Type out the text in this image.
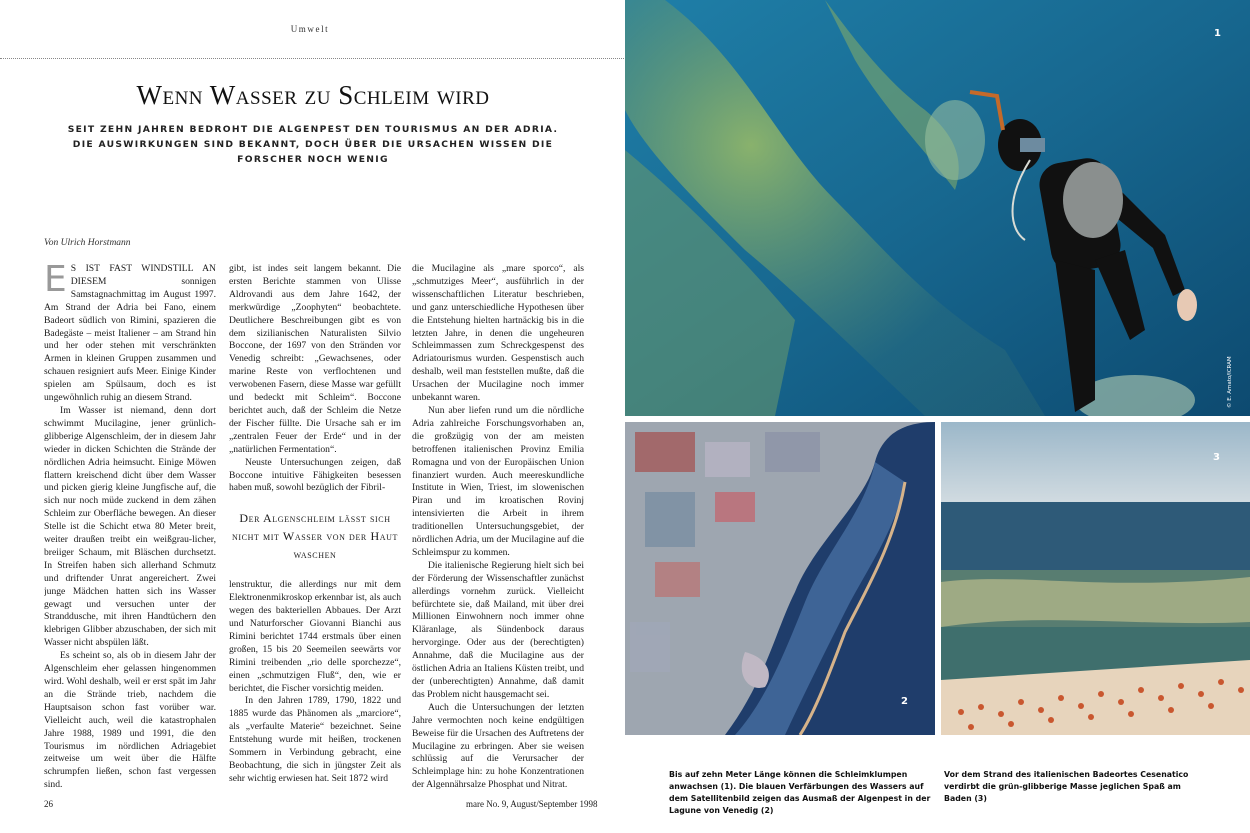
Umwelt
Wenn Wasser zu Schleim wird
SEIT ZEHN JAHREN BEDROHT DIE ALGENPEST DEN TOURISMUS AN DER ADRIA. DIE AUSWIRKUNGEN SIND BEKANNT, DOCH ÜBER DIE URSACHEN WISSEN DIE FORSCHER NOCH WENIG
Von Ulrich Horstmann

ES IST FAST WINDSTILL AN DIESEM	sonnigen Samstagnachmittag im August 1997. Am Strand der Adria bei Fano, einem Badeort südlich von Rimini, spazieren die Badegäste – meist Italiener – am Strand hin und her oder stehen mit verschränkten Armen in kleinen Gruppen zusammen und schauen resigniert aufs Meer. Einige Kinder spielen am Spülsaum, doch es ist ungewöhnlich ruhig an diesem Strand.

Im Wasser ist niemand, denn dort schwimmt Mucilagine, jener grünlich-glibberige Algenschleim, der in diesem Jahr wieder in dicken Schichten die Strände der nördlichen Adria heimsucht. Einige Möwen flattern kreischend dicht über dem Wasser und picken gierig kleine Jungfische auf, die sich nur noch müde zuckend in dem zähen Schleim zur Oberfläche bewegen. An dieser Stelle ist die Schicht etwa 80 Meter breit, weiter draußen treibt ein weißgrau-licher, breiiger Schaum, mit Bläschen durchsetzt. In Streifen haben sich allerhand Schmutz und driftender Unrat angereichert. Zwei junge Mädchen hatten sich ins Wasser gewagt und versuchen unter der Stranddusche, mit ihren Handtüchern den klebrigen Glibber abzuschaben, der sich mit Wasser nicht abspülen läßt.

Es scheint so, als ob in diesem Jahr der Algenschleim eher gelassen hingenommen wird. Wohl deshalb, weil er erst spät im Jahr an die Strände trieb, nachdem die Hauptsaison schon fast vorüber war. Vielleicht auch, weil die katastrophalen Jahre 1988, 1989 und 1991, die den Tourismus im nördlichen Adriagebiet zeitweise um weit über die Hälfte schrumpfen ließen, schon fast vergessen sind.

gibt, ist indes seit langem bekannt. Die ersten Berichte stammen von Ulisse Aldrovandi aus dem Jahre 1642, der merkwürdige „Zoophyten“ beobachtete. Deutlichere Beschreibungen gibt es von dem sizilianischen Naturalisten Silvio Boccone, der 1697 von den Stränden vor Venedig schreibt: „Gewachsenes, oder marine Reste von verflochtenen und verwobenen Fasern, diese Masse war gefüllt und bedeckt mit Schleim“. Boccone berichtet auch, daß der Schleim die Netze der Fischer füllte. Die Ursache sah er im „zentralen Feuer der Erde“ und in der „natürlichen Fermentation“.

Neuste Untersuchungen zeigen, daß Boccone intuitive Fähigkeiten besessen haben muß, sowohl bezüglich der Fibril-

Der Algenschleim lässt sich nicht mit Wasser von der Haut waschen

lenstruktur, die allerdings nur mit dem Elektronenmikroskop erkennbar ist, als auch wegen des bakteriellen Abbaues. Der Arzt und Naturforscher Giovanni Bianchi aus Rimini berichtet 1744 erstmals über einen großen, 15 bis 20 Seemeilen seewärts vor Rimini treibenden „rio delle sporchezze“, einen „schmutzigen Fluß“, den, wie er berichtet, die Fischer vorsichtig meiden.

In den Jahren 1789, 1790, 1822 und 1885 wurde das Phänomen als „marciore“, als „verfaulte Materie“ bezeichnet. Seine Entstehung wurde mit heißen, trockenen Sommern in Verbindung gebracht, eine Beobachtung, die sich in jüngster Zeit als sehr wichtig erwiesen hat. Seit 1872 wird

die Mucilagine als „mare sporco“, als „schmutziges Meer“, ausführlich in der wissenschaftlichen Literatur beschrieben, und ganz unterschiedliche Hypothesen über die Entstehung hielten hartnäckig bis in die letzten Jahre, in denen die ungeheuren Schleimmassen zum Schreckgespenst des Adriatourismus wurden. Gespenstisch auch deshalb, weil man feststellen mußte, daß die Ursachen der Mucilagine noch immer unbekannt waren.

Nun aber liefen rund um die nördliche Adria zahlreiche Forschungsvorhaben an, die großzügig von der am meisten betroffenen italienischen Provinz Emilia Romagna und von der Europäischen Union finanziert wurden. Auch meereskundliche Institute in Wien, Triest, im slowenischen Piran und im kroatischen Rovinj intensivierten die Arbeit in ihrem traditionellen Untersuchungsgebiet, der nördlichen Adria, um der Mucilagine auf die Schleimspur zu kommen.

Die italienische Regierung hielt sich bei der Förderung der Wissenschaftler zunächst allerdings vornehm zurück. Vielleicht befürchtete sie, daß Mailand, mit über drei Millionen Einwohnern noch immer ohne Kläranlage, als Sündenbock daraus hervorginge. Oder aus der (berechtigten) Annahme, daß die Mucilagine aus der östlichen Adria an Italiens Küsten treibt, und der (unberechtigten) Annahme, daß damit das Problem nicht hausgemacht sei.

Auch die Untersuchungen der letzten Jahre vermochten noch keine endgültigen Beweise für die Ursachen des Auftretens der Mucilagine zu erbringen. Aber sie weisen schlüssig auf die Verursacher der Schleimplage hin: zu hohe Konzentrationen der Algennährsalze Phosphat und Nitrat.

26	mare No. 9, August/September 1998
1
© E. Amato/ICRAM
2
3
Bis auf zehn Meter Länge können die Schleimklumpen anwachsen (1). Die blauen Verfärbungen des Wassers auf dem Satellitenbild zeigen das Ausmaß der Algenpest in der Lagune von Venedig (2)
Vor dem Strand des italienischen Badeortes Cesenatico verdirbt die grün-glibberige Masse jeglichen Spaß am Baden (3)
